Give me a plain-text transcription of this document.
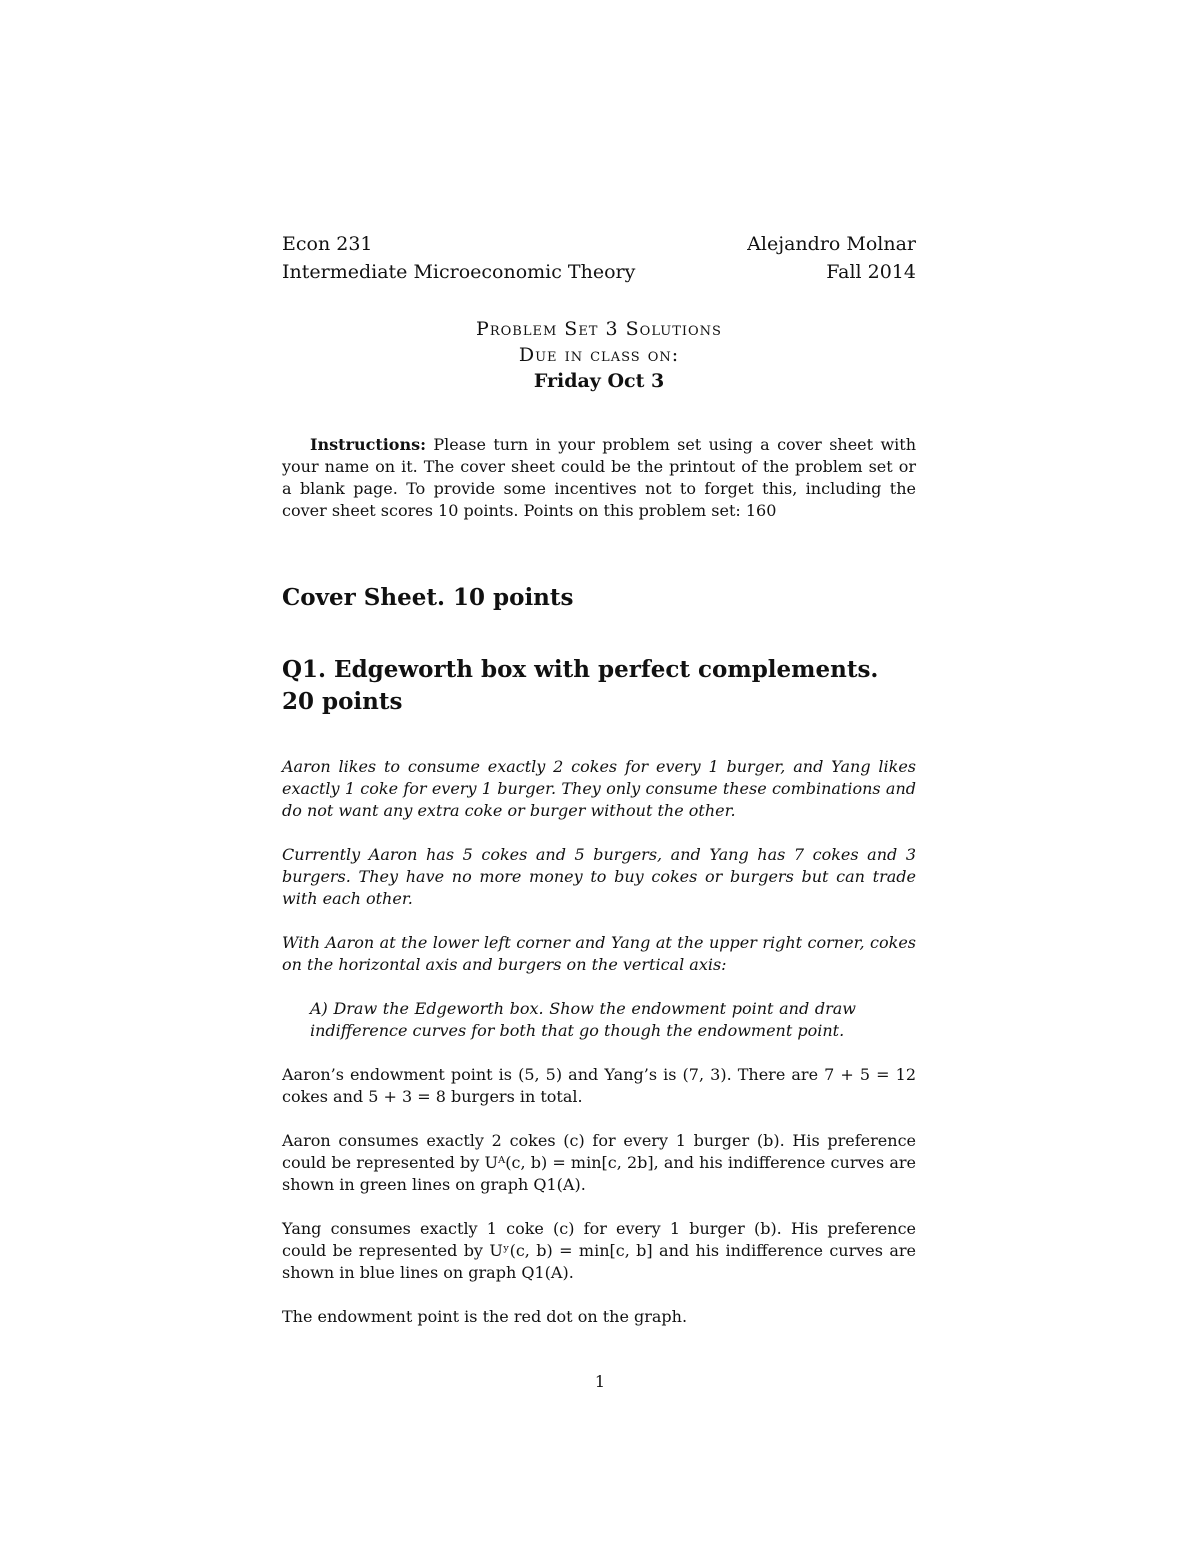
Econ 231	Alejandro Molnar
Intermediate Microeconomic Theory	Fall 2014
Problem Set 3 Solutions
Due in class on:
Friday Oct 3

Instructions: Please turn in your problem set using a cover sheet with your name on it. The cover sheet could be the printout of the problem set or a blank page. To provide some incentives not to forget this, including the cover sheet scores 10 points. Points on this problem set: 160

Cover Sheet. 10 points
Q1. Edgeworth box with perfect complements. 20 points

Aaron likes to consume exactly 2 cokes for every 1 burger, and Yang likes exactly 1 coke for every 1 burger. They only consume these combinations and do not want any extra coke or burger without the other.

Currently Aaron has 5 cokes and 5 burgers, and Yang has 7 cokes and 3 burgers. They have no more money to buy cokes or burgers but can trade with each other.

With Aaron at the lower left corner and Yang at the upper right corner, cokes on the horizontal axis and burgers on the vertical axis:

A) Draw the Edgeworth box. Show the endowment point and draw indifference curves for both that go though the endowment point.

Aaron’s endowment point is (5, 5) and Yang’s is (7, 3). There are 7 + 5 = 12 cokes and 5 + 3 = 8 burgers in total.

Aaron consumes exactly 2 cokes (c) for every 1 burger (b). His preference could be represented by Uᴬ(c, b) = min[c, 2b], and his indifference curves are shown in green lines on graph Q1(A).

Yang consumes exactly 1 coke (c) for every 1 burger (b). His preference could be represented by Uʸ(c, b) = min[c, b] and his indifference curves are shown in blue lines on graph Q1(A).

The endowment point is the red dot on the graph.

1
